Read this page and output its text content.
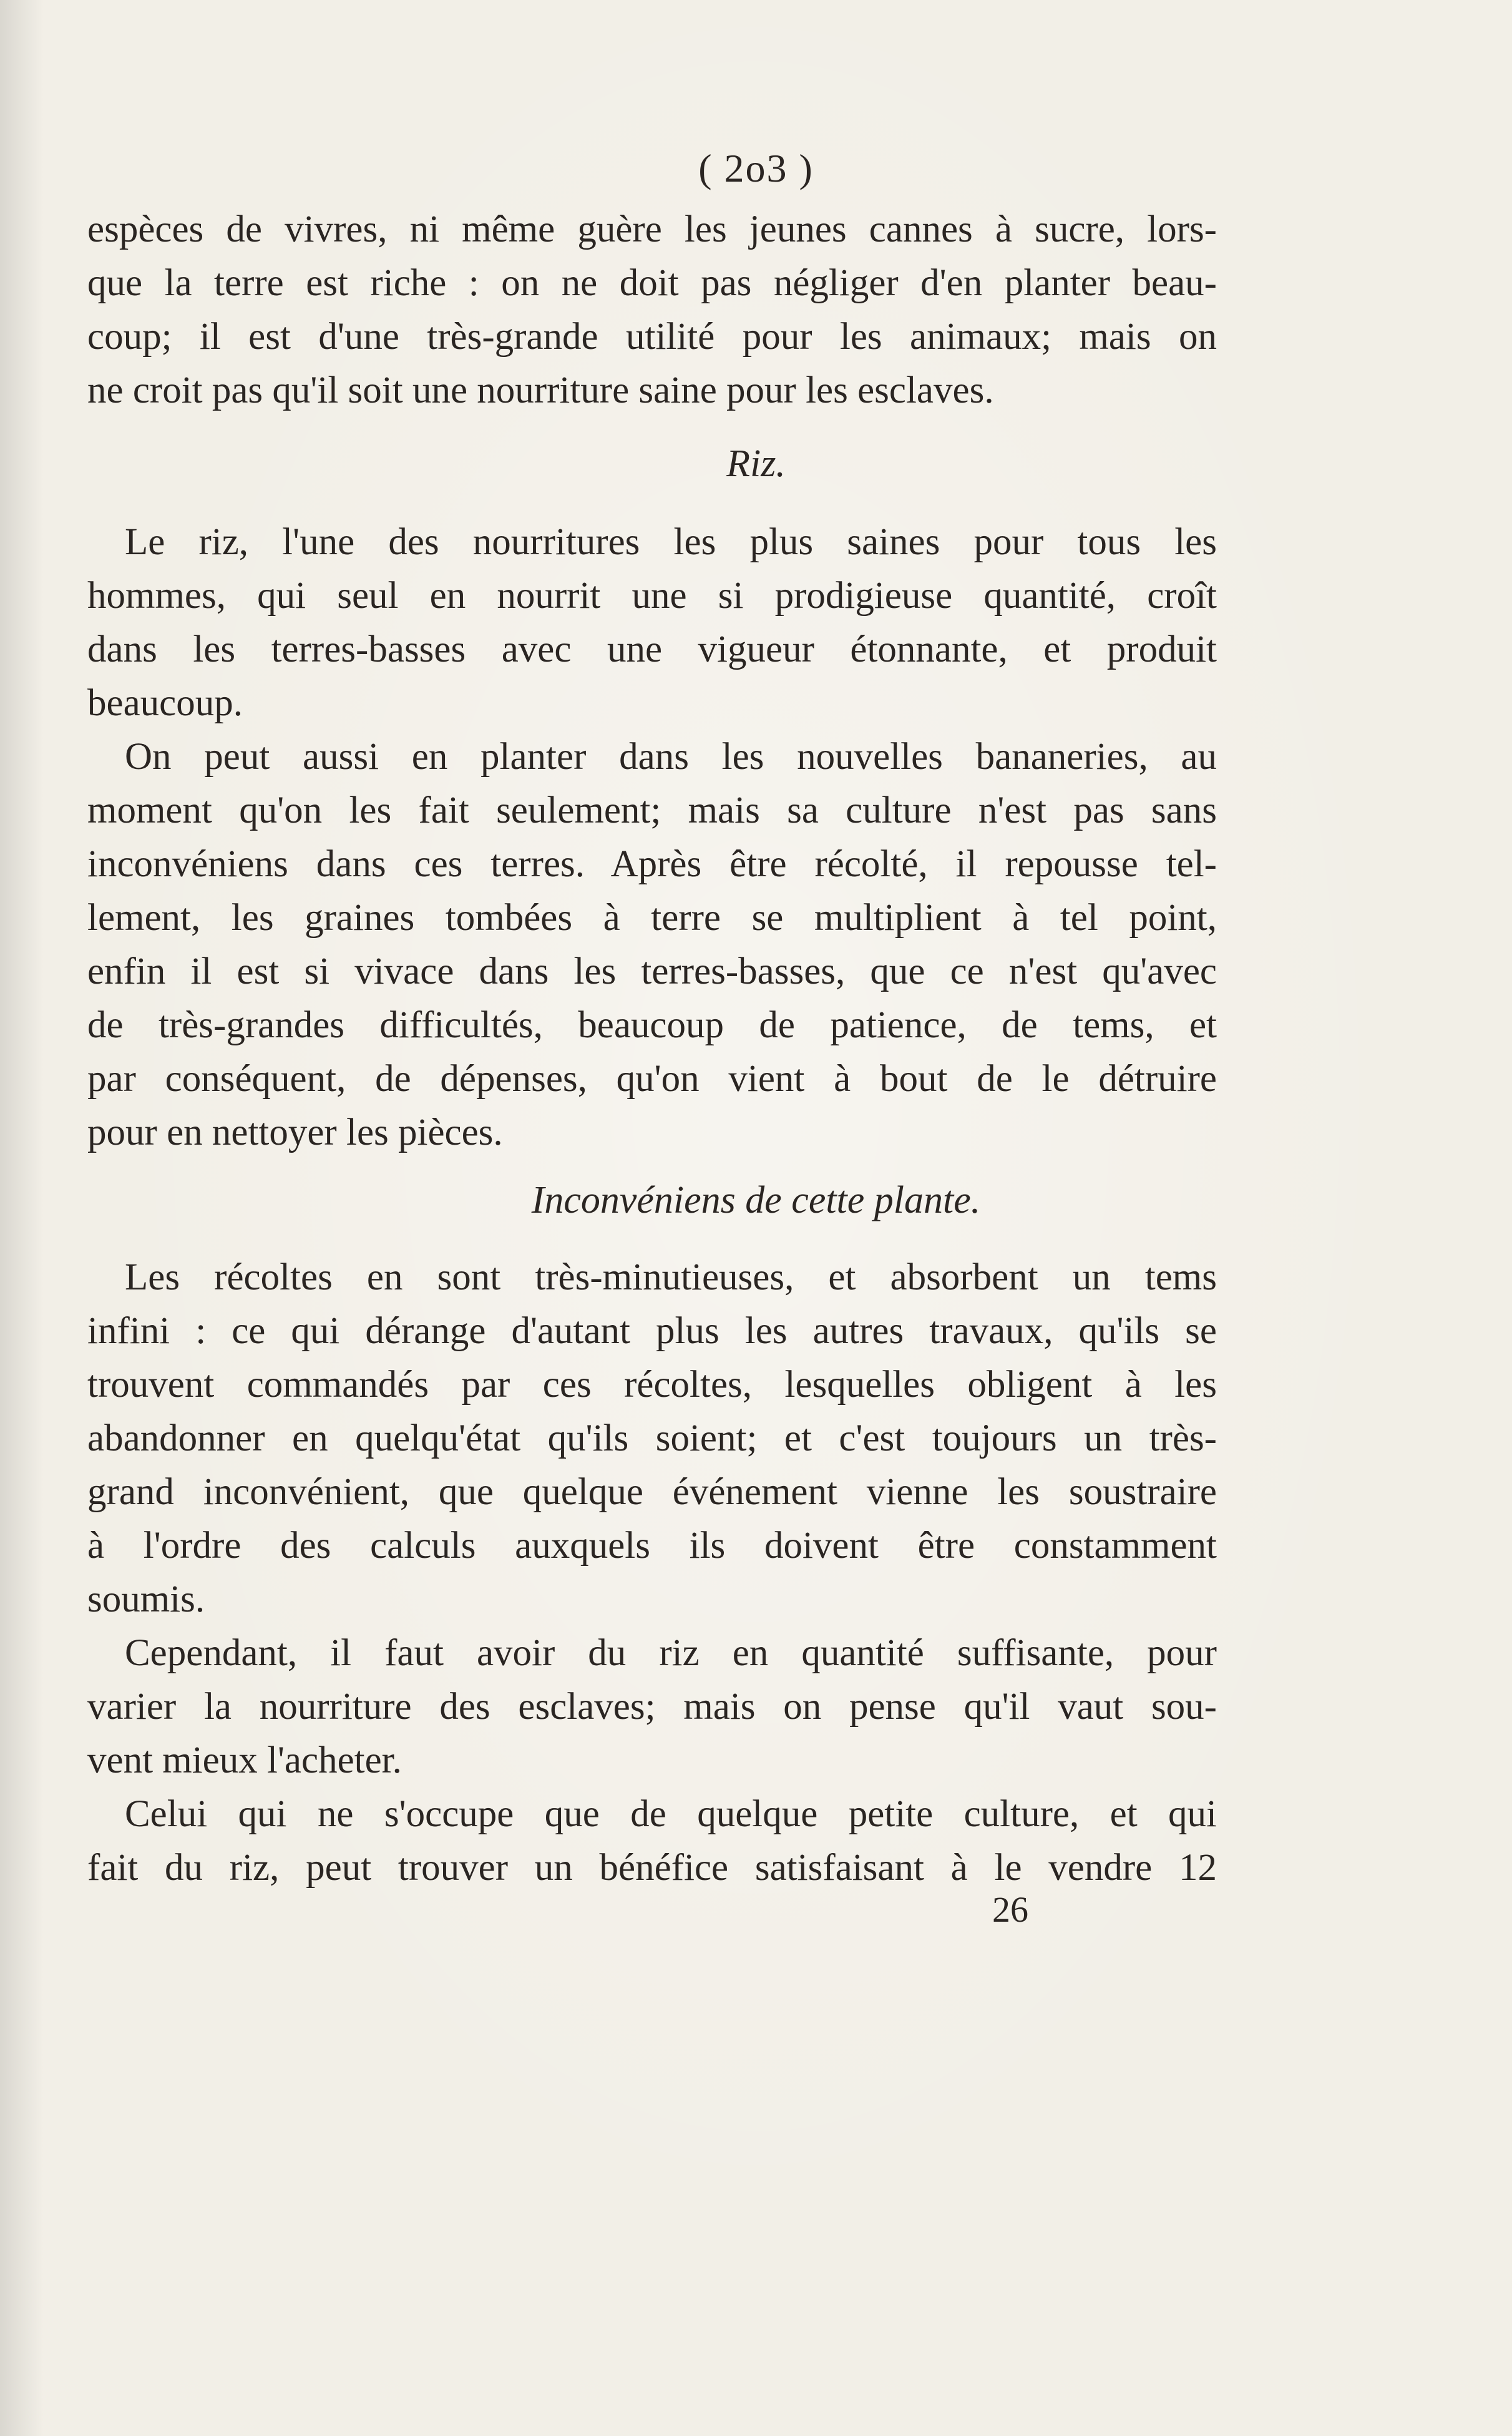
( 2o3 )
espèces de vivres, ni même guère les jeunes cannes à sucre, lors-
que la terre est riche : on ne doit pas négliger d'en planter beau-
coup; il est d'une très-grande utilité pour les animaux; mais on
ne croit pas qu'il soit une nourriture saine pour les esclaves.
Riz.
Le riz, l'une des nourritures les plus saines pour tous les
hommes, qui seul en nourrit une si prodigieuse quantité, croît
dans les terres-basses avec une vigueur étonnante, et produit
beaucoup.
On peut aussi en planter dans les nouvelles bananeries, au
moment qu'on les fait seulement; mais sa culture n'est pas sans
inconvéniens dans ces terres. Après être récolté, il repousse tel-
lement, les graines tombées à terre se multiplient à tel point,
enfin il est si vivace dans les terres-basses, que ce n'est qu'avec
de très-grandes difficultés, beaucoup de patience, de tems, et
par conséquent, de dépenses, qu'on vient à bout de le détruire
pour en nettoyer les pièces.
Inconvéniens de cette plante.
Les récoltes en sont très-minutieuses, et absorbent un tems
infini : ce qui dérange d'autant plus les autres travaux, qu'ils se
trouvent commandés par ces récoltes, lesquelles obligent à les
abandonner en quelqu'état qu'ils soient; et c'est toujours un très-
grand inconvénient, que quelque événement vienne les soustraire
à l'ordre des calculs auxquels ils doivent être constamment
soumis.
Cependant, il faut avoir du riz en quantité suffisante, pour
varier la nourriture des esclaves; mais on pense qu'il vaut sou-
vent mieux l'acheter.
Celui qui ne s'occupe que de quelque petite culture, et qui
fait du riz, peut trouver un bénéfice satisfaisant à le vendre 12
26
